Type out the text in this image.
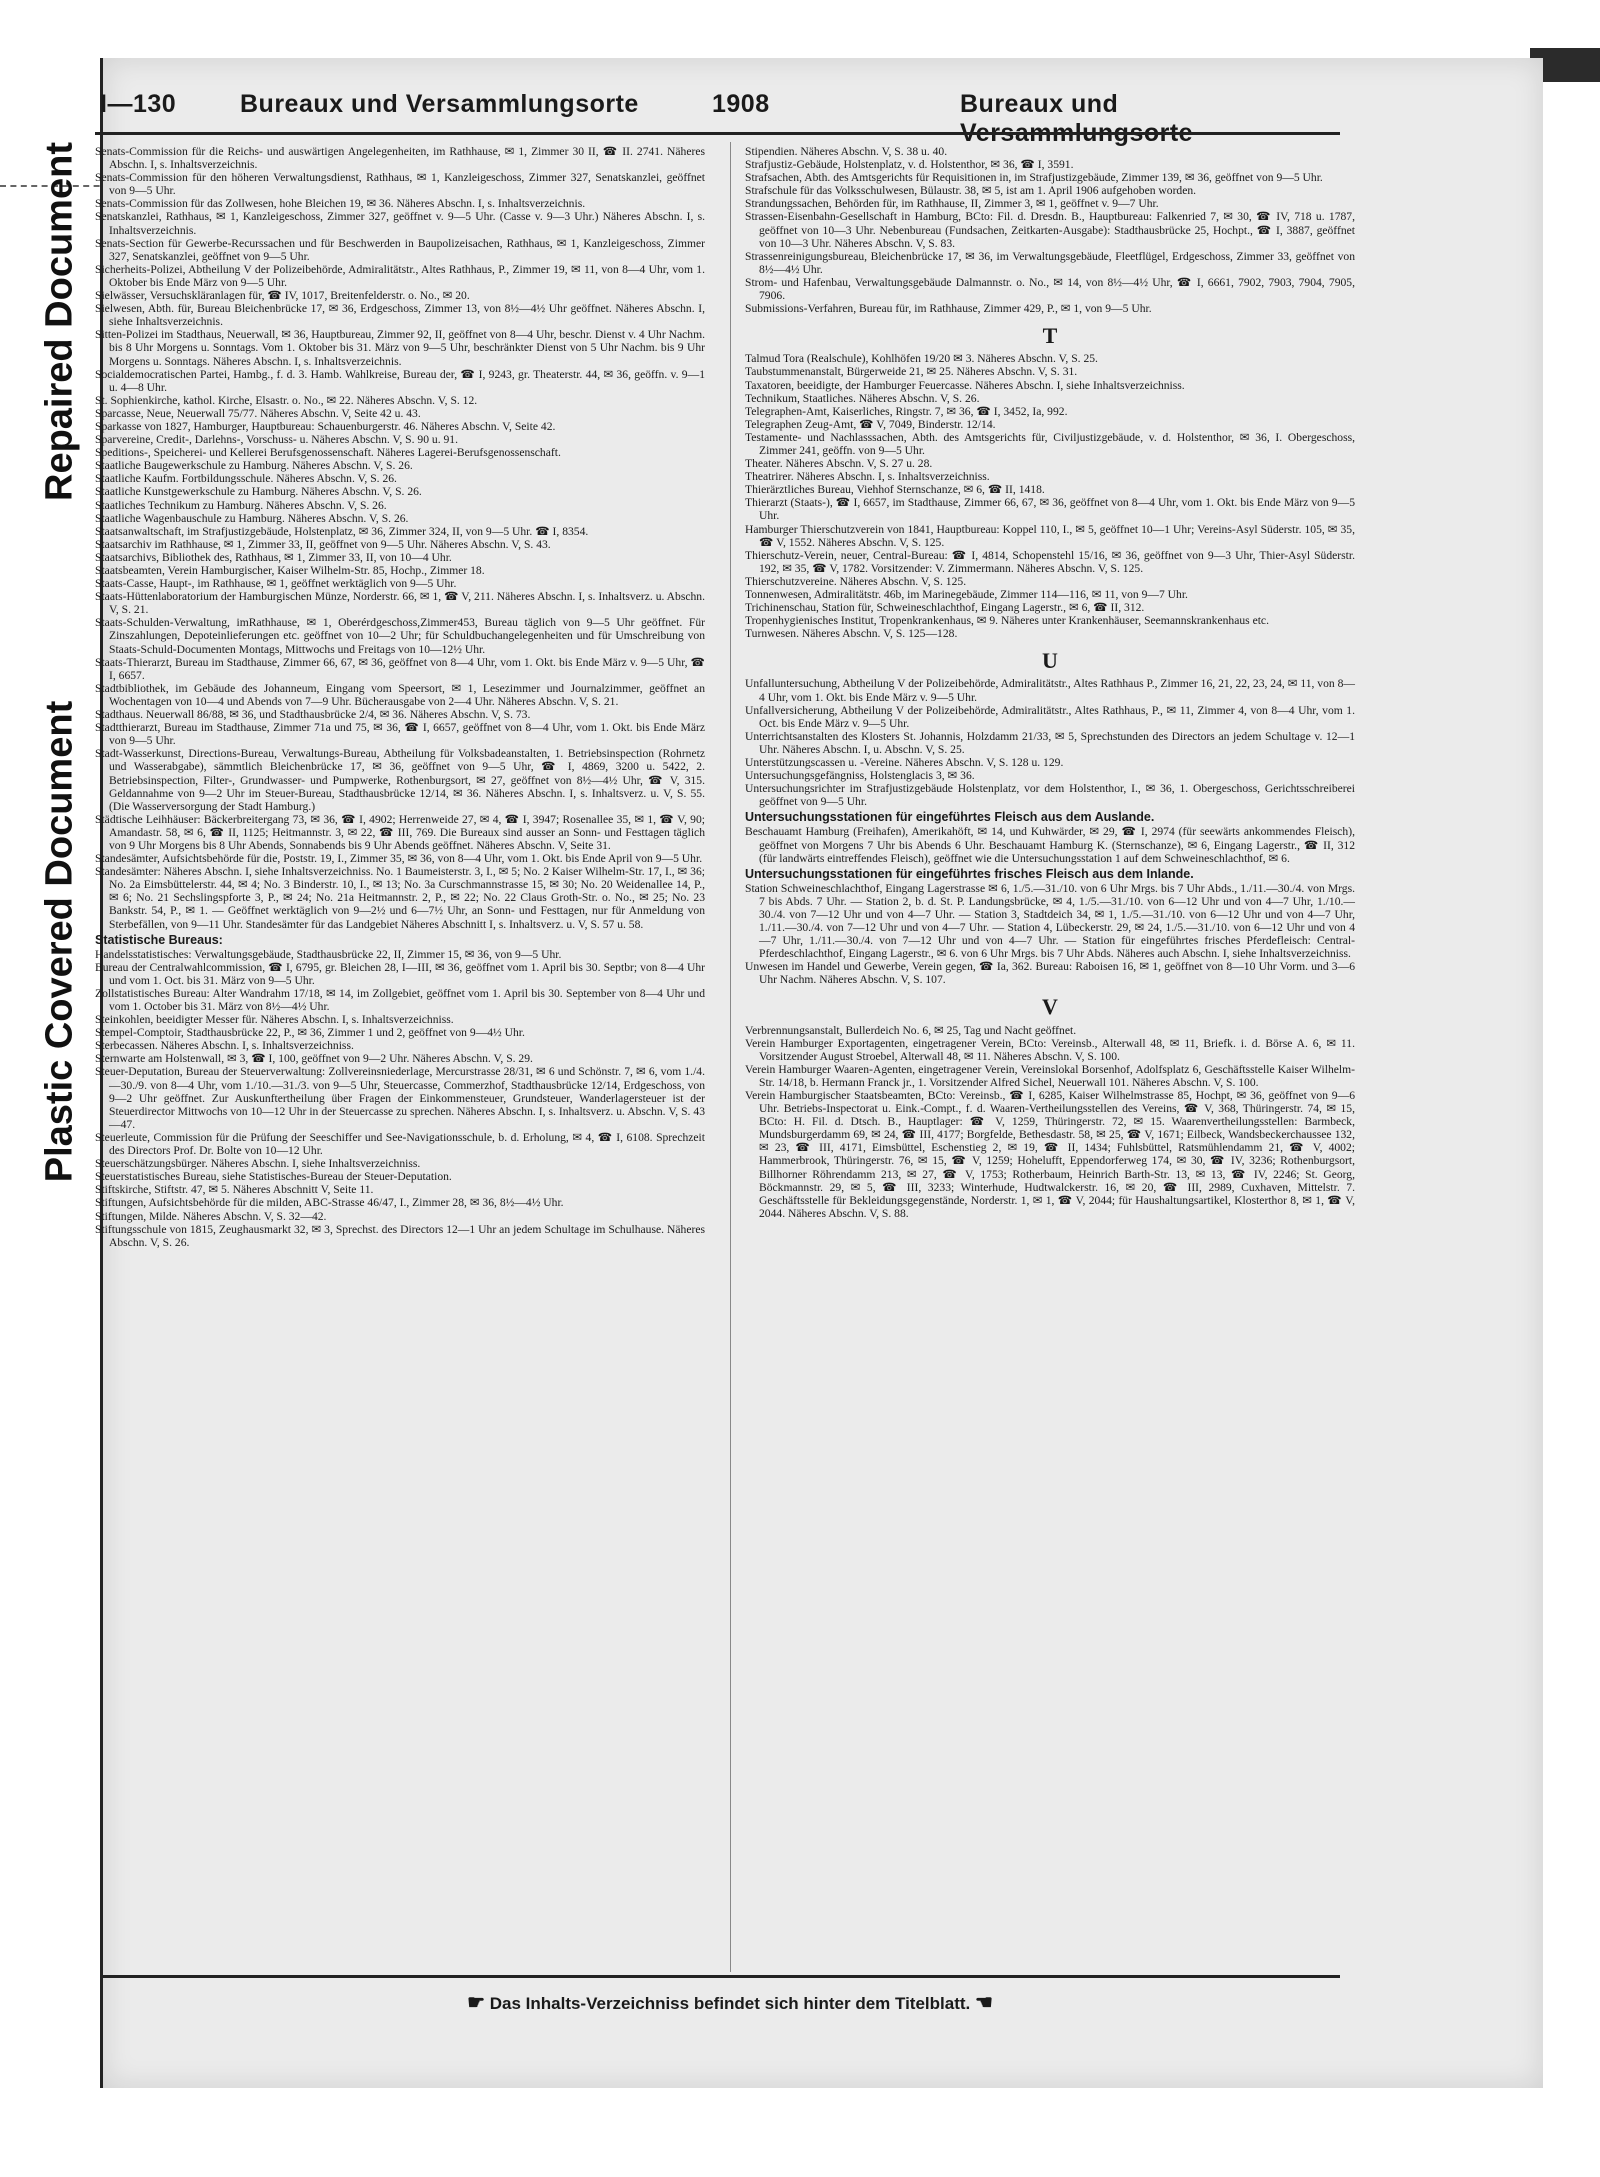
Repaired Document
Plastic Covered Document
I—130	Bureaux und Versammlungsorte	1908	Bureaux und Versammlungsorte
Senats-Commission für die Reichs- und auswärtigen Angelegenheiten, im Rathhause, ✉ 1, Zimmer 30 II, ☎ II. 2741. Näheres Abschn. I, s. Inhaltsverzeichnis.
Senats-Commission für den höheren Verwaltungsdienst, Rathhaus, ✉ 1, Kanzleigeschoss, Zimmer 327, Senatskanzlei, geöffnet von 9—5 Uhr.
Senats-Commission für das Zollwesen, hohe Bleichen 19, ✉ 36. Näheres Abschn. I, s. Inhaltsverzeichnis.
Senatskanzlei, Rathhaus, ✉ 1, Kanzleigeschoss, Zimmer 327, geöffnet v. 9—5 Uhr. (Casse v. 9—3 Uhr.) Näheres Abschn. I, s. Inhaltsverzeichnis.
Senats-Section für Gewerbe-Recurssachen und für Beschwerden in Baupolizeisachen, Rathhaus, ✉ 1, Kanzleigeschoss, Zimmer 327, Senatskanzlei, geöffnet von 9—5 Uhr.
Sicherheits-Polizei, Abtheilung V der Polizeibehörde, Admiralitätstr., Altes Rathhaus, P., Zimmer 19, ✉ 11, von 8—4 Uhr, vom 1. Oktober bis Ende März von 9—5 Uhr.
Sielwässer, Versuchskläranlagen für, ☎ IV, 1017, Breitenfelderstr. o. No., ✉ 20.
Sielwesen, Abth. für, Bureau Bleichenbrücke 17, ✉ 36, Erdgeschoss, Zimmer 13, von 8½—4½ Uhr geöffnet. Näheres Abschn. I, siehe Inhaltsverzeichnis.
Sitten-Polizei im Stadthaus, Neuerwall, ✉ 36, Hauptbureau, Zimmer 92, II, geöffnet von 8—4 Uhr, beschr. Dienst v. 4 Uhr Nachm. bis 8 Uhr Morgens u. Sonntags. Vom 1. Oktober bis 31. März von 9—5 Uhr, beschränkter Dienst von 5 Uhr Nachm. bis 9 Uhr Morgens u. Sonntags. Näheres Abschn. I, s. Inhaltsverzeichnis.
Socialdemocratischen Partei, Hambg., f. d. 3. Hamb. Wahlkreise, Bureau der, ☎ I, 9243, gr. Theaterstr. 44, ✉ 36, geöffn. v. 9—1 u. 4—8 Uhr.
St. Sophienkirche, kathol. Kirche, Elsastr. o. No., ✉ 22. Näheres Abschn. V, S. 12.
Sparcasse, Neue, Neuerwall 75/77. Näheres Abschn. V, Seite 42 u. 43.
Sparkasse von 1827, Hamburger, Hauptbureau: Schauenburgerstr. 46. Näheres Abschn. V, Seite 42.
Sparvereine, Credit-, Darlehns-, Vorschuss- u. Näheres Abschn. V, S. 90 u. 91.
Speditions-, Speicherei- und Kellerei Berufsgenossenschaft. Näheres Lagerei-Berufsgenossenschaft.
Staatliche Baugewerkschule zu Hamburg. Näheres Abschn. V, S. 26.
Staatliche Kaufm. Fortbildungsschule. Näheres Abschn. V, S. 26.
Staatliche Kunstgewerkschule zu Hamburg. Näheres Abschn. V, S. 26.
Staatliches Technikum zu Hamburg. Näheres Abschn. V, S. 26.
Staatliche Wagenbauschule zu Hamburg. Näheres Abschn. V, S. 26.
Staatsanwaltschaft, im Strafjustizgebäude, Holstenplatz, ✉ 36, Zimmer 324, II, von 9—5 Uhr. ☎ I, 8354.
Staatsarchiv im Rathhause, ✉ 1, Zimmer 33, II, geöffnet von 9—5 Uhr. Näheres Abschn. V, S. 43.
Staatsarchivs, Bibliothek des, Rathhaus, ✉ 1, Zimmer 33, II, von 10—4 Uhr.
Staatsbeamten, Verein Hamburgischer, Kaiser Wilhelm-Str. 85, Hochp., Zimmer 18.
Staats-Casse, Haupt-, im Rathhause, ✉ 1, geöffnet werktäglich von 9—5 Uhr.
Staats-Hüttenlaboratorium der Hamburgischen Münze, Norderstr. 66, ✉ 1, ☎ V, 211. Näheres Abschn. I, s. Inhaltsverz. u. Abschn. V, S. 21.
Staats-Schulden-Verwaltung, imRathhause, ✉ 1, Oberérdgeschoss,Zimmer453, Bureau täglich von 9—5 Uhr geöffnet. Für Zinszahlungen, Depoteinlieferungen etc. geöffnet von 10—2 Uhr; für Schuldbuchangelegenheiten und für Umschreibung von Staats-Schuld-Documenten Montags, Mittwochs und Freitags von 10—12½ Uhr.
Staats-Thierarzt, Bureau im Stadthause, Zimmer 66, 67, ✉ 36, geöffnet von 8—4 Uhr, vom 1. Okt. bis Ende März v. 9—5 Uhr, ☎ I, 6657.
Stadtbibliothek, im Gebäude des Johanneum, Eingang vom Speersort, ✉ 1, Lesezimmer und Journalzimmer, geöffnet an Wochentagen von 10—4 und Abends von 7—9 Uhr. Bücherausgabe von 2—4 Uhr. Näheres Abschn. V, S. 21.
Stadthaus. Neuerwall 86/88, ✉ 36, und Stadthausbrücke 2/4, ✉ 36. Näheres Abschn. V, S. 73.
Stadtthierarzt, Bureau im Stadthause, Zimmer 71a und 75, ✉ 36, ☎ I, 6657, geöffnet von 8—4 Uhr, vom 1. Okt. bis Ende März von 9—5 Uhr.
Stadt-Wasserkunst, Directions-Bureau, Verwaltungs-Bureau, Abtheilung für Volksbadeanstalten, 1. Betriebsinspection (Rohrnetz und Wasserabgabe), sämmtlich Bleichenbrücke 17, ✉ 36, geöffnet von 9—5 Uhr, ☎ I, 4869, 3200 u. 5422, 2. Betriebsinspection, Filter-, Grundwasser- und Pumpwerke, Rothenburgsort, ✉ 27, geöffnet von 8½—4½ Uhr, ☎ V, 315. Geldannahme von 9—2 Uhr im Steuer-Bureau, Stadthausbrücke 12/14, ✉ 36. Näheres Abschn. I, s. Inhaltsverz. u. V, S. 55. (Die Wasserversorgung der Stadt Hamburg.)
Städtische Leihhäuser: Bäckerbreitergang 73, ✉ 36, ☎ I, 4902; Herrenweide 27, ✉ 4, ☎ I, 3947; Rosenallee 35, ✉ 1, ☎ V, 90; Amandastr. 58, ✉ 6, ☎ II, 1125; Heitmannstr. 3, ✉ 22, ☎ III, 769. Die Bureaux sind ausser an Sonn- und Festtagen täglich von 9 Uhr Morgens bis 8 Uhr Abends, Sonnabends bis 9 Uhr Abends geöffnet. Näheres Abschn. V, Seite 31.
Standesämter, Aufsichtsbehörde für die, Poststr. 19, I., Zimmer 35, ✉ 36, von 8—4 Uhr, vom 1. Okt. bis Ende April von 9—5 Uhr.
Standesämter: Näheres Abschn. I, siehe Inhaltsverzeichniss. No. 1 Baumeisterstr. 3, I., ✉ 5; No. 2 Kaiser Wilhelm-Str. 17, I., ✉ 36; No. 2a Eimsbüttelerstr. 44, ✉ 4; No. 3 Binderstr. 10, I., ✉ 13; No. 3a Curschmannstrasse 15, ✉ 30; No. 20 Weidenallee 14, P., ✉ 6; No. 21 Sechslingspforte 3, P., ✉ 24; No. 21a Heitmannstr. 2, P., ✉ 22; No. 22 Claus Groth-Str. o. No., ✉ 25; No. 23 Bankstr. 54, P., ✉ 1. — Geöffnet werktäglich von 9—2½ und 6—7½ Uhr, an Sonn- und Festtagen, nur für Anmeldung von Sterbefällen, von 9—11 Uhr. Standesämter für das Landgebiet Näheres Abschnitt I, s. Inhaltsverz. u. V, S. 57 u. 58.
Statistische Bureaus:
Handelsstatistisches: Verwaltungsgebäude, Stadthausbrücke 22, II, Zimmer 15, ✉ 36, von 9—5 Uhr.
Bureau der Centralwahlcommission, ☎ I, 6795, gr. Bleichen 28, I—III, ✉ 36, geöffnet vom 1. April bis 30. Septbr; von 8—4 Uhr und vom 1. Oct. bis 31. März von 9—5 Uhr.
Zollstatistisches Bureau: Alter Wandrahm 17/18, ✉ 14, im Zollgebiet, geöffnet vom 1. April bis 30. September von 8—4 Uhr und vom 1. October bis 31. März von 8½—4½ Uhr.
Steinkohlen, beeidigter Messer für. Näheres Abschn. I, s. Inhaltsverzeichniss.
Stempel-Comptoir, Stadthausbrücke 22, P., ✉ 36, Zimmer 1 und 2, geöffnet von 9—4½ Uhr.
Sterbecassen. Näheres Abschn. I, s. Inhaltsverzeichniss.
Sternwarte am Holstenwall, ✉ 3, ☎ I, 100, geöffnet von 9—2 Uhr. Näheres Abschn. V, S. 29.
Steuer-Deputation, Bureau der Steuerverwaltung: Zollvereinsniederlage, Mercurstrasse 28/31, ✉ 6 und Schönstr. 7, ✉ 6, vom 1./4.—30./9. von 8—4 Uhr, vom 1./10.—31./3. von 9—5 Uhr, Steuercasse, Commerzhof, Stadthausbrücke 12/14, Erdgeschoss, von 9—2 Uhr geöffnet. Zur Auskunftertheilung über Fragen der Einkommensteuer, Grundsteuer, Wanderlagersteuer ist der Steuerdirector Mittwochs von 10—12 Uhr in der Steuercasse zu sprechen. Näheres Abschn. I, s. Inhaltsverz. u. Abschn. V, S. 43—47.
Steuerleute, Commission für die Prüfung der Seeschiffer und See-Navigationsschule, b. d. Erholung, ✉ 4, ☎ I, 6108. Sprechzeit des Directors Prof. Dr. Bolte von 10—12 Uhr.
Steuerschätzungsbürger. Näheres Abschn. I, siehe Inhaltsverzeichniss.
Steuerstatistisches Bureau, siehe Statistisches-Bureau der Steuer-Deputation.
Stiftskirche, Stiftstr. 47, ✉ 5. Näheres Abschnitt V, Seite 11.
Stiftungen, Aufsichtsbehörde für die milden, ABC-Strasse 46/47, I., Zimmer 28, ✉ 36, 8½—4½ Uhr.
Stiftungen, Milde. Näheres Abschn. V, S. 32—42.
Stiftungsschule von 1815, Zeughausmarkt 32, ✉ 3, Sprechst. des Directors 12—1 Uhr an jedem Schultage im Schulhause. Näheres Abschn. V, S. 26.
Stipendien. Näheres Abschn. V, S. 38 u. 40.
Strafjustiz-Gebäude, Holstenplatz, v. d. Holstenthor, ✉ 36, ☎ I, 3591.
Strafsachen, Abth. des Amtsgerichts für Requisitionen in, im Strafjustizgebäude, Zimmer 139, ✉ 36, geöffnet von 9—5 Uhr.
Strafschule für das Volksschulwesen, Bülaustr. 38, ✉ 5, ist am 1. April 1906 aufgehoben worden.
Strandungssachen, Behörden für, im Rathhause, II, Zimmer 3, ✉ 1, geöffnet v. 9—7 Uhr.
Strassen-Eisenbahn-Gesellschaft in Hamburg, BCto: Fil. d. Dresdn. B., Hauptbureau: Falkenried 7, ✉ 30, ☎ IV, 718 u. 1787, geöffnet von 10—3 Uhr. Nebenbureau (Fundsachen, Zeitkarten-Ausgabe): Stadthausbrücke 25, Hochpt., ☎ I, 3887, geöffnet von 10—3 Uhr. Näheres Abschn. V, S. 83.
Strassenreinigungsbureau, Bleichenbrücke 17, ✉ 36, im Verwaltungsgebäude, Fleetflügel, Erdgeschoss, Zimmer 33, geöffnet von 8½—4½ Uhr.
Strom- und Hafenbau, Verwaltungsgebäude Dalmannstr. o. No., ✉ 14, von 8½—4½ Uhr, ☎ I, 6661, 7902, 7903, 7904, 7905, 7906.
Submissions-Verfahren, Bureau für, im Rathhause, Zimmer 429, P., ✉ 1, von 9—5 Uhr.
T
Talmud Tora (Realschule), Kohlhöfen 19/20 ✉ 3. Näheres Abschn. V, S. 25.
Taubstummenanstalt, Bürgerweide 21, ✉ 25. Näheres Abschn. V, S. 31.
Taxatoren, beeidigte, der Hamburger Feuercasse. Näheres Abschn. I, siehe Inhaltsverzeichniss.
Technikum, Staatliches. Näheres Abschn. V, S. 26.
Telegraphen-Amt, Kaiserliches, Ringstr. 7, ✉ 36, ☎ I, 3452, Ia, 992.
Telegraphen Zeug-Amt, ☎ V, 7049, Binderstr. 12/14.
Testamente- und Nachlasssachen, Abth. des Amtsgerichts für, Civiljustizgebäude, v. d. Holstenthor, ✉ 36, I. Obergeschoss, Zimmer 241, geöffn. von 9—5 Uhr.
Theater. Näheres Abschn. V, S. 27 u. 28.
Theatrirer. Näheres Abschn. I, s. Inhaltsverzeichniss.
Thierärztliches Bureau, Viehhof Sternschanze, ✉ 6, ☎ II, 1418.
Thierarzt (Staats-), ☎ I, 6657, im Stadthause, Zimmer 66, 67, ✉ 36, geöffnet von 8—4 Uhr, vom 1. Okt. bis Ende März von 9—5 Uhr.
Hamburger Thierschutzverein von 1841, Hauptbureau: Koppel 110, I., ✉ 5, geöffnet 10—1 Uhr; Vereins-Asyl Süderstr. 105, ✉ 35, ☎ V, 1552. Näheres Abschn. V, S. 125.
Thierschutz-Verein, neuer, Central-Bureau: ☎ I, 4814, Schopenstehl 15/16, ✉ 36, geöffnet von 9—3 Uhr, Thier-Asyl Süderstr. 192, ✉ 35, ☎ V, 1782. Vorsitzender: V. Zimmermann. Näheres Abschn. V, S. 125.
Thierschutzvereine. Näheres Abschn. V, S. 125.
Tonnenwesen, Admiralitätstr. 46b, im Marinegebäude, Zimmer 114—116, ✉ 11, von 9—7 Uhr.
Trichinenschau, Station für, Schweineschlachthof, Eingang Lagerstr., ✉ 6, ☎ II, 312.
Tropenhygienisches Institut, Tropenkrankenhaus, ✉ 9. Näheres unter Krankenhäuser, Seemannskrankenhaus etc.
Turnwesen. Näheres Abschn. V, S. 125—128.
U
Unfalluntersuchung, Abtheilung V der Polizeibehörde, Admiralitätstr., Altes Rathhaus P., Zimmer 16, 21, 22, 23, 24, ✉ 11, von 8—4 Uhr, vom 1. Okt. bis Ende März v. 9—5 Uhr.
Unfallversicherung, Abtheilung V der Polizeibehörde, Admiralitätstr., Altes Rathhaus, P., ✉ 11, Zimmer 4, von 8—4 Uhr, vom 1. Oct. bis Ende März v. 9—5 Uhr.
Unterrichtsanstalten des Klosters St. Johannis, Holzdamm 21/33, ✉ 5, Sprechstunden des Directors an jedem Schultage v. 12—1 Uhr. Näheres Abschn. I, u. Abschn. V, S. 25.
Unterstützungscassen u. -Vereine. Näheres Abschn. V, S. 128 u. 129.
Untersuchungsgefängniss, Holstenglacis 3, ✉ 36.
Untersuchungsrichter im Strafjustizgebäude Holstenplatz, vor dem Holstenthor, I., ✉ 36, 1. Obergeschoss, Gerichtsschreiberei geöffnet von 9—5 Uhr.
Untersuchungsstationen für eingeführtes Fleisch aus dem Auslande.
Beschauamt Hamburg (Freihafen), Amerikahöft, ✉ 14, und Kuhwärder, ✉ 29, ☎ I, 2974 (für seewärts ankommendes Fleisch), geöffnet von Morgens 7 Uhr bis Abends 6 Uhr. Beschauamt Hamburg K. (Sternschanze), ✉ 6, Eingang Lagerstr., ☎ II, 312 (für landwärts eintreffendes Fleisch), geöffnet wie die Untersuchungsstation 1 auf dem Schweineschlachthof, ✉ 6.
Untersuchungsstationen für eingeführtes frisches Fleisch aus dem Inlande.
Station Schweineschlachthof, Eingang Lagerstrasse ✉ 6, 1./5.—31./10. von 6 Uhr Mrgs. bis 7 Uhr Abds., 1./11.—30./4. von Mrgs. 7 bis Abds. 7 Uhr. — Station 2, b. d. St. P. Landungsbrücke, ✉ 4, 1./5.—31./10. von 6—12 Uhr und von 4—7 Uhr, 1./10.—30./4. von 7—12 Uhr und von 4—7 Uhr. — Station 3, Stadtdeich 34, ✉ 1, 1./5.—31./10. von 6—12 Uhr und von 4—7 Uhr, 1./11.—30./4. von 7—12 Uhr und von 4—7 Uhr. — Station 4, Lübeckerstr. 29, ✉ 24, 1./5.—31./10. von 6—12 Uhr und von 4—7 Uhr, 1./11.—30./4. von 7—12 Uhr und von 4—7 Uhr. — Station für eingeführtes frisches Pferdefleisch: Central-Pferdeschlachthof, Eingang Lagerstr., ✉ 6. von 6 Uhr Mrgs. bis 7 Uhr Abds. Näheres auch Abschn. I, siehe Inhaltsverzeichniss.
Unwesen im Handel und Gewerbe, Verein gegen, ☎ Ia, 362. Bureau: Raboisen 16, ✉ 1, geöffnet von 8—10 Uhr Vorm. und 3—6 Uhr Nachm. Näheres Abschn. V, S. 107.
V
Verbrennungsanstalt, Bullerdeich No. 6, ✉ 25, Tag und Nacht geöffnet.
Verein Hamburger Exportagenten, eingetragener Verein, BCto: Vereinsb., Alterwall 48, ✉ 11, Briefk. i. d. Börse A. 6, ✉ 11. Vorsitzender August Stroebel, Alterwall 48, ✉ 11. Näheres Abschn. V, S. 100.
Verein Hamburger Waaren-Agenten, eingetragener Verein, Vereinslokal Borsenhof, Adolfsplatz 6, Geschäftsstelle Kaiser Wilhelm-Str. 14/18, b. Hermann Franck jr., 1. Vorsitzender Alfred Sichel, Neuerwall 101. Näheres Abschn. V, S. 100.
Verein Hamburgischer Staatsbeamten, BCto: Vereinsb., ☎ I, 6285, Kaiser Wilhelmstrasse 85, Hochpt, ✉ 36, geöffnet von 9—6 Uhr. Betriebs-Inspectorat u. Eink.-Compt., f. d. Waaren-Vertheilungsstellen des Vereins, ☎ V, 368, Thüringerstr. 74, ✉ 15, BCto: H. Fil. d. Dtsch. B., Hauptlager: ☎ V, 1259, Thüringerstr. 72, ✉ 15. Waarenvertheilungsstellen: Barmbeck, Mundsburgerdamm 69, ✉ 24, ☎ III, 4177; Borgfelde, Bethesdastr. 58, ✉ 25, ☎ V, 1671; Eilbeck, Wandsbeckerchaussee 132, ✉ 23, ☎ III, 4171, Eimsbüttel, Eschenstieg 2, ✉ 19, ☎ II, 1434; Fuhlsbüttel, Ratsmühlendamm 21, ☎ V, 4002; Hammerbrook, Thüringerstr. 76, ✉ 15, ☎ V, 1259; Hohelufft, Eppendorferweg 174, ✉ 30, ☎ IV, 3236; Rothenburgsort, Billhorner Röhrendamm 213, ✉ 27, ☎ V, 1753; Rotherbaum, Heinrich Barth-Str. 13, ✉ 13, ☎ IV, 2246; St. Georg, Böckmannstr. 29, ✉ 5, ☎ III, 3233; Winterhude, Hudtwalckerstr. 16, ✉ 20, ☎ III, 2989, Cuxhaven, Mittelstr. 7. Geschäftsstelle für Bekleidungsgegenstände, Norderstr. 1, ✉ 1, ☎ V, 2044; für Haushaltungsartikel, Klosterthor 8, ✉ 1, ☎ V, 2044. Näheres Abschn. V, S. 88.
☛ Das Inhalts-Verzeichniss befindet sich hinter dem Titelblatt. ☚
